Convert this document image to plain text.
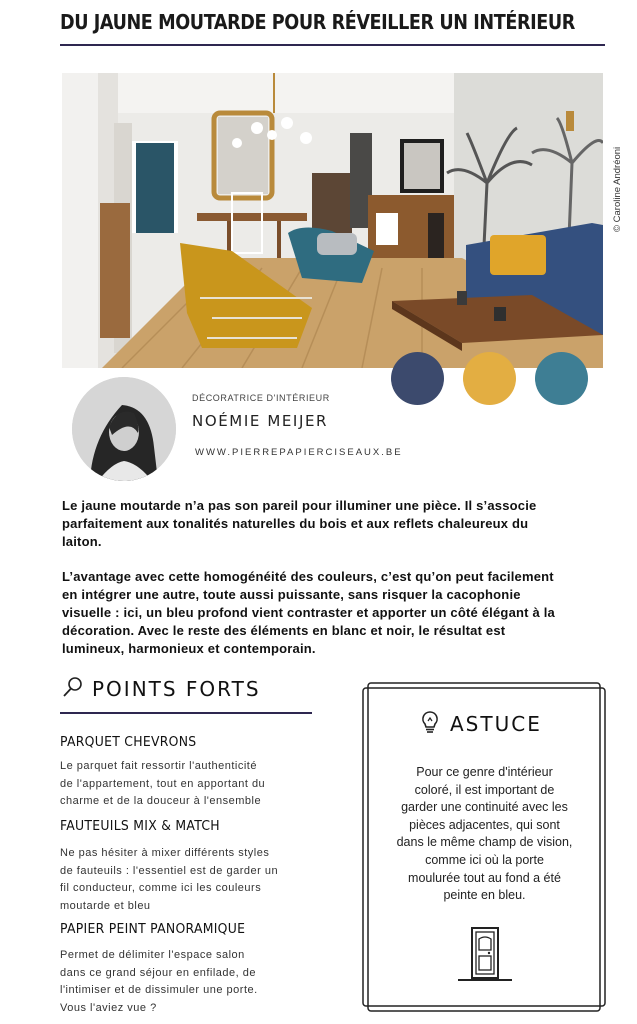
DU JAUNE MOUTARDE POUR RÉVEILLER UN INTÉRIEUR
© Caroline Andréoni
DÉCORATRICE D'INTÉRIEUR
NOÉMIE MEIJER
WWW.PIERREPAPIERCISEAUX.BE
Le jaune moutarde n’a pas son pareil pour illuminer une pièce. Il s’associe
parfaitement aux tonalités naturelles du bois et aux reflets chaleureux du
laiton.
L’avantage avec cette homogénéité des couleurs, c’est qu’on peut facilement
en intégrer une autre, toute aussi puissante, sans risquer la cacophonie
visuelle : ici, un bleu profond vient contraster et apporter un côté élégant à la
décoration. Avec le reste des éléments en blanc et noir, le résultat est
lumineux, harmonieux et contemporain.
POINTS FORTS
PARQUET CHEVRONS
Le parquet fait ressortir l'authenticité
de l'appartement, tout en apportant du
charme et de la douceur à l'ensemble
FAUTEUILS MIX & MATCH
Ne pas hésiter à mixer différents styles
de fauteuils : l'essentiel est de garder un
fil conducteur, comme ici les couleurs
moutarde et bleu
PAPIER PEINT PANORAMIQUE
Permet de délimiter l'espace salon
dans ce grand séjour en enfilade, de
l'intimiser et de dissimuler une porte.
Vous l'aviez vue ?
ASTUCE
Pour ce genre d'intérieur
coloré, il est important de
garder une continuité avec les
pièces adjacentes, qui sont
dans le même champ de vision,
comme ici où la porte
moulurée tout au fond a été
peinte en bleu.
